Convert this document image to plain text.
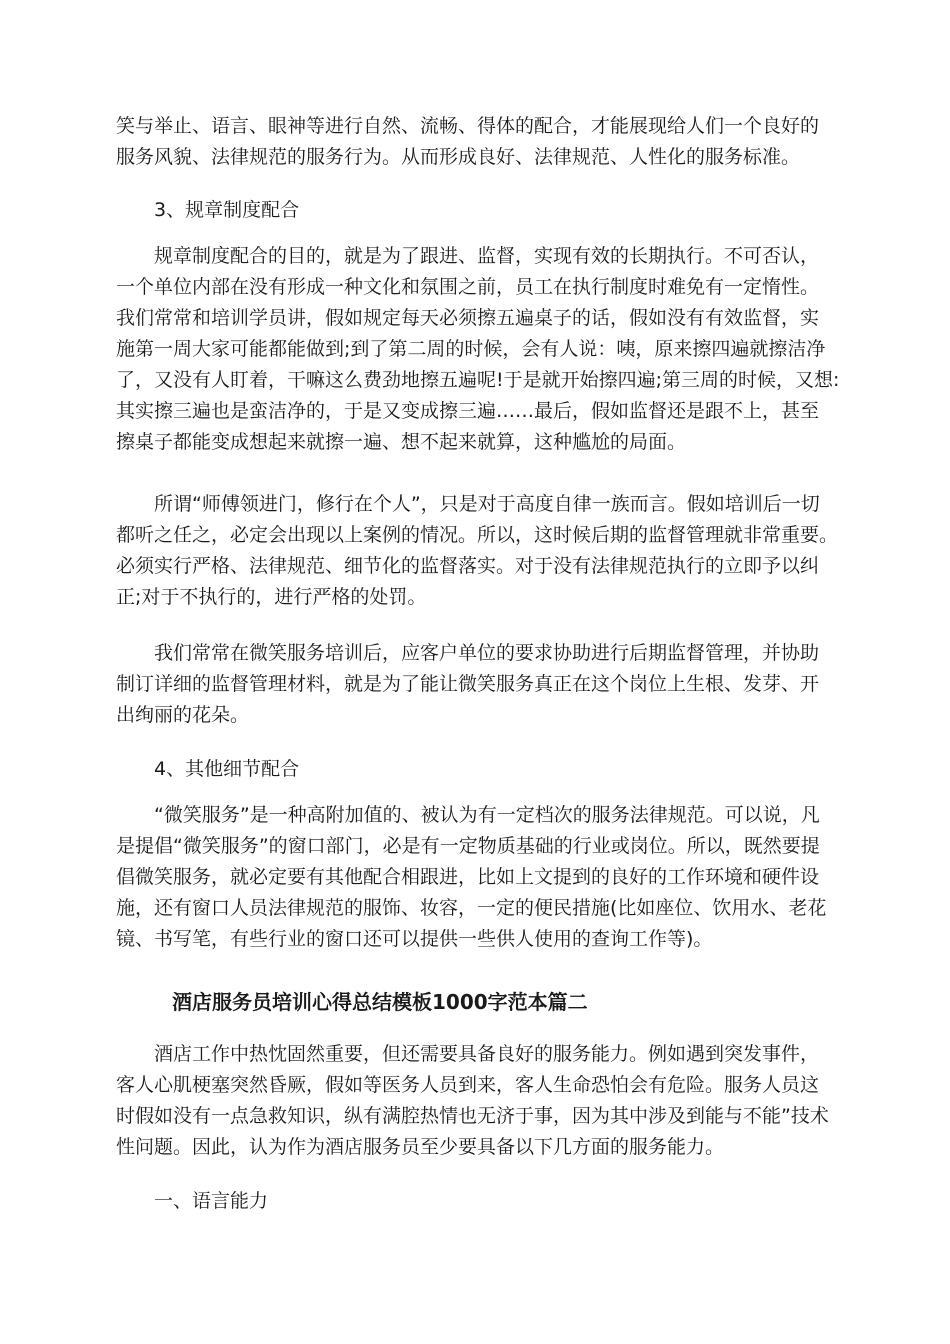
笑与举止、语言、眼神等进行自然、流畅、得体的配合，才能展现给人们一个良好的
服务风貌、法律规范的服务行为。从而形成良好、法律规范、人性化的服务标准。

3、规章制度配合

规章制度配合的目的，就是为了跟进、监督，实现有效的长期执行。不可否认，
一个单位内部在没有形成一种文化和氛围之前，员工在执行制度时难免有一定惰性。
我们常常和培训学员讲，假如规定每天必须擦五遍桌子的话，假如没有有效监督，实
施第一周大家可能都能做到;到了第二周的时候，会有人说：咦，原来擦四遍就擦洁净
了，又没有人盯着，干嘛这么费劲地擦五遍呢!于是就开始擦四遍;第三周的时候，又想:
其实擦三遍也是蛮洁净的，于是又变成擦三遍……最后，假如监督还是跟不上，甚至
擦桌子都能变成想起来就擦一遍、想不起来就算，这种尴尬的局面。

所谓“师傅领进门，修行在个人”，只是对于高度自律一族而言。假如培训后一切
都听之任之，必定会出现以上案例的情况。所以，这时候后期的监督管理就非常重要。
必须实行严格、法律规范、细节化的监督落实。对于没有法律规范执行的立即予以纠
正;对于不执行的，进行严格的处罚。

我们常常在微笑服务培训后，应客户单位的要求协助进行后期监督管理，并协助
制订详细的监督管理材料，就是为了能让微笑服务真正在这个岗位上生根、发芽、开
出绚丽的花朵。

4、其他细节配合

“微笑服务”是一种高附加值的、被认为有一定档次的服务法律规范。可以说，凡
是提倡“微笑服务”的窗口部门，必是有一定物质基础的行业或岗位。所以，既然要提
倡微笑服务，就必定要有其他配合相跟进，比如上文提到的良好的工作环境和硬件设
施，还有窗口人员法律规范的服饰、妆容，一定的便民措施(比如座位、饮用水、老花
镜、书写笔，有些行业的窗口还可以提供一些供人使用的查询工作等)。

酒店服务员培训心得总结模板1000字范本篇二

酒店工作中热忱固然重要，但还需要具备良好的服务能力。例如遇到突发事件，
客人心肌梗塞突然昏厥，假如等医务人员到来，客人生命恐怕会有危险。服务人员这
时假如没有一点急救知识，纵有满腔热情也无济于事，因为其中涉及到能与不能”技术
性问题。因此，认为作为酒店服务员至少要具备以下几方面的服务能力。

一、语言能力
